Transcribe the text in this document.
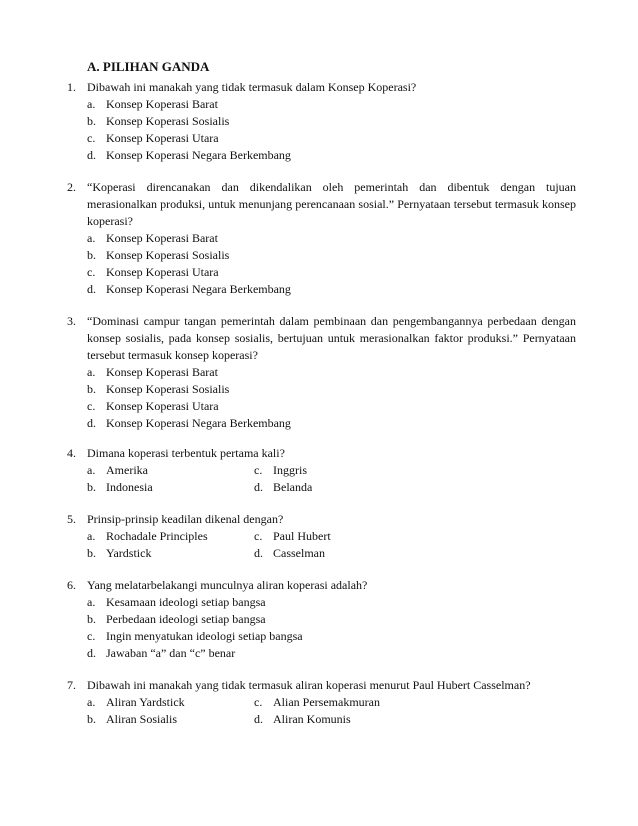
A. PILIHAN GANDA
1. Dibawah ini manakah yang tidak termasuk dalam Konsep Koperasi?
a. Konsep Koperasi Barat
b. Konsep Koperasi Sosialis
c. Konsep Koperasi Utara
d. Konsep Koperasi Negara Berkembang
2. “Koperasi direncanakan dan dikendalikan oleh pemerintah dan dibentuk dengan tujuan merasionalkan produksi, untuk menunjang perencanaan sosial.” Pernyataan tersebut termasuk konsep koperasi?
a. Konsep Koperasi Barat
b. Konsep Koperasi Sosialis
c. Konsep Koperasi Utara
d. Konsep Koperasi Negara Berkembang
3. “Dominasi campur tangan pemerintah dalam pembinaan dan pengembangannya perbedaan dengan konsep sosialis, pada konsep sosialis, bertujuan untuk merasionalkan faktor produksi.” Pernyataan tersebut termasuk konsep koperasi?
a. Konsep Koperasi Barat
b. Konsep Koperasi Sosialis
c. Konsep Koperasi Utara
d. Konsep Koperasi Negara Berkembang
4. Dimana koperasi terbentuk pertama kali?
a. Amerika	c. Inggris
b. Indonesia	d. Belanda
5. Prinsip-prinsip keadilan dikenal dengan?
a. Rochadale Principles	c. Paul Hubert
b. Yardstick	d. Casselman
6. Yang melatarbelakangi munculnya aliran koperasi adalah?
a. Kesamaan ideologi setiap bangsa
b. Perbedaan ideologi setiap bangsa
c. Ingin menyatukan ideologi setiap bangsa
d. Jawaban “a” dan “c” benar
7. Dibawah ini manakah yang tidak termasuk aliran koperasi menurut Paul Hubert Casselman?
a. Aliran Yardstick	c. Alian Persemakmuran
b. Aliran Sosialis	d. Aliran Komunis
